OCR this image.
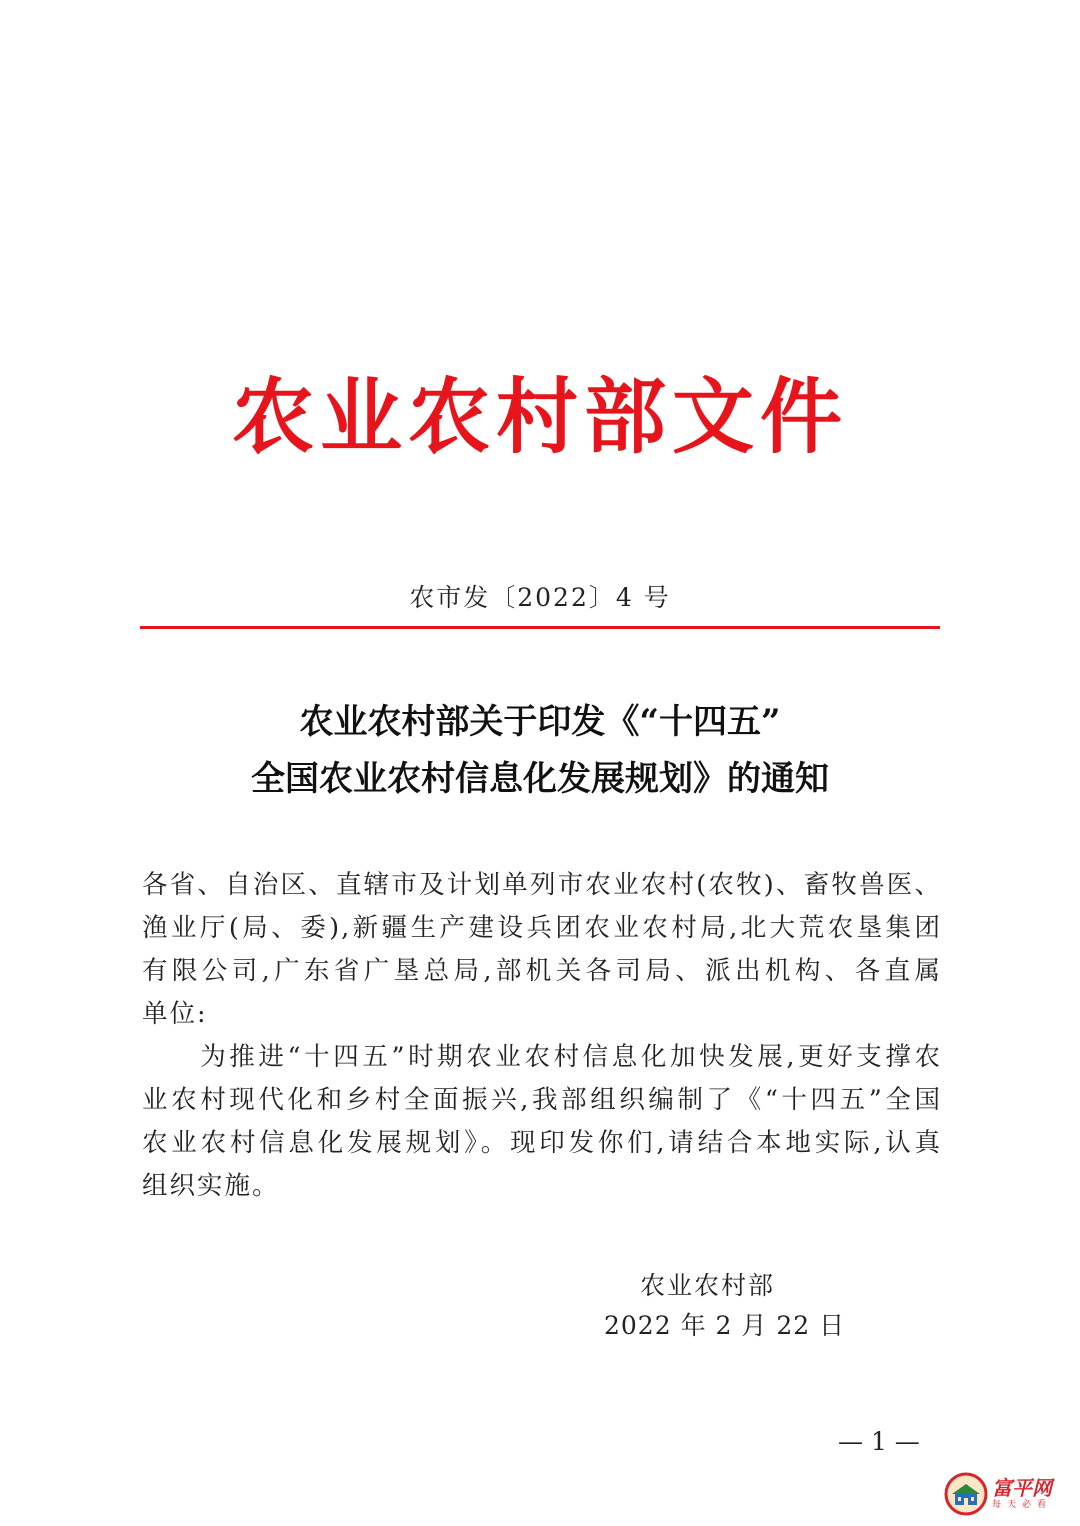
农业农村部文件
农市发〔2022〕4 号
农业农村部关于印发《“十四五”
全国农业农村信息化发展规划》的通知
各省、自治区、直辖市及计划单列市农业农村(农牧)、畜牧兽医、
渔业厅(局、委),新疆生产建设兵团农业农村局,北大荒农垦集团
有限公司,广东省广垦总局,部机关各司局、派出机构、各直属
单位:
　　为推进“十四五”时期农业农村信息化加快发展,更好支撑农
业农村现代化和乡村全面振兴,我部组织编制了《“十四五”全国
农业农村信息化发展规划》。现印发你们,请结合本地实际,认真
组织实施。
农业农村部
2022 年 2 月 22 日
— 1 —
富平网
每天必看
